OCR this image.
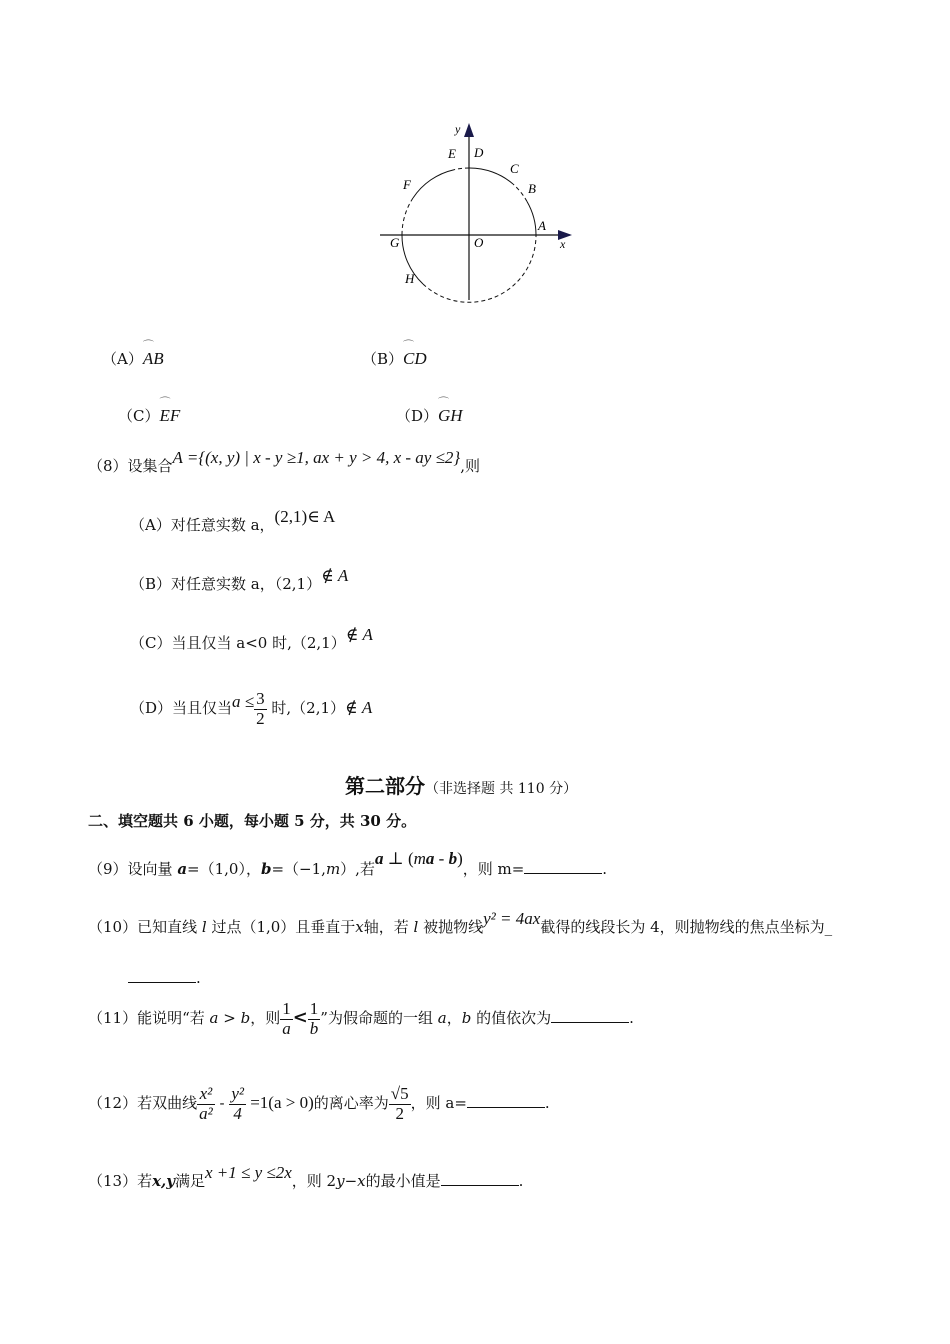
y
x
O
A
B
C
D
E
F
G
H
（A）
⌒
AB	（B）
⌒
CD
（C）
⌒
EF	（D）
⌒
GH
（8）设集合A ={(x, y) | x - y ≥1, ax + y > 4, x - ay ≤2},则
（A）对任意实数 a，(2,1)∈ A
（B）对任意实数 a，（2,1）∉ A
（C）当且仅当 a<0 时,（2,1）∉ A
（D）当且仅当$a \le \frac{3}{2}$ 时,（2,1）∉ A
第二部分（非选择题 共 110 分）
二、填空题共 6 小题，每小题 5 分，共 30 分。
（9）设向量 a=（1,0），b=（−1,m）,若a ⊥ (ma - b)，则 m=	.
（10）已知直线 l 过点（1,0）且垂直于x轴，若 l 被抛物线y² = 4ax截得的线段长为 4，则抛物线的焦点坐标为_
.
（11）能说明“若 a > b，则 $\frac{1}{a} < \frac{1}{b}$ ”为假命题的一组 a，b 的值依次为	.
（12）若双曲线 $\frac{\text{x²}}{\text{a²}} - \frac{\text{y²}}{4} =1(a > 0)$的离心率为 $\frac{√5}{2}$ ，则 a=	.
（13）若x,y满足x +1 ≤ y ≤2x，则 2y−x的最小值是	.
